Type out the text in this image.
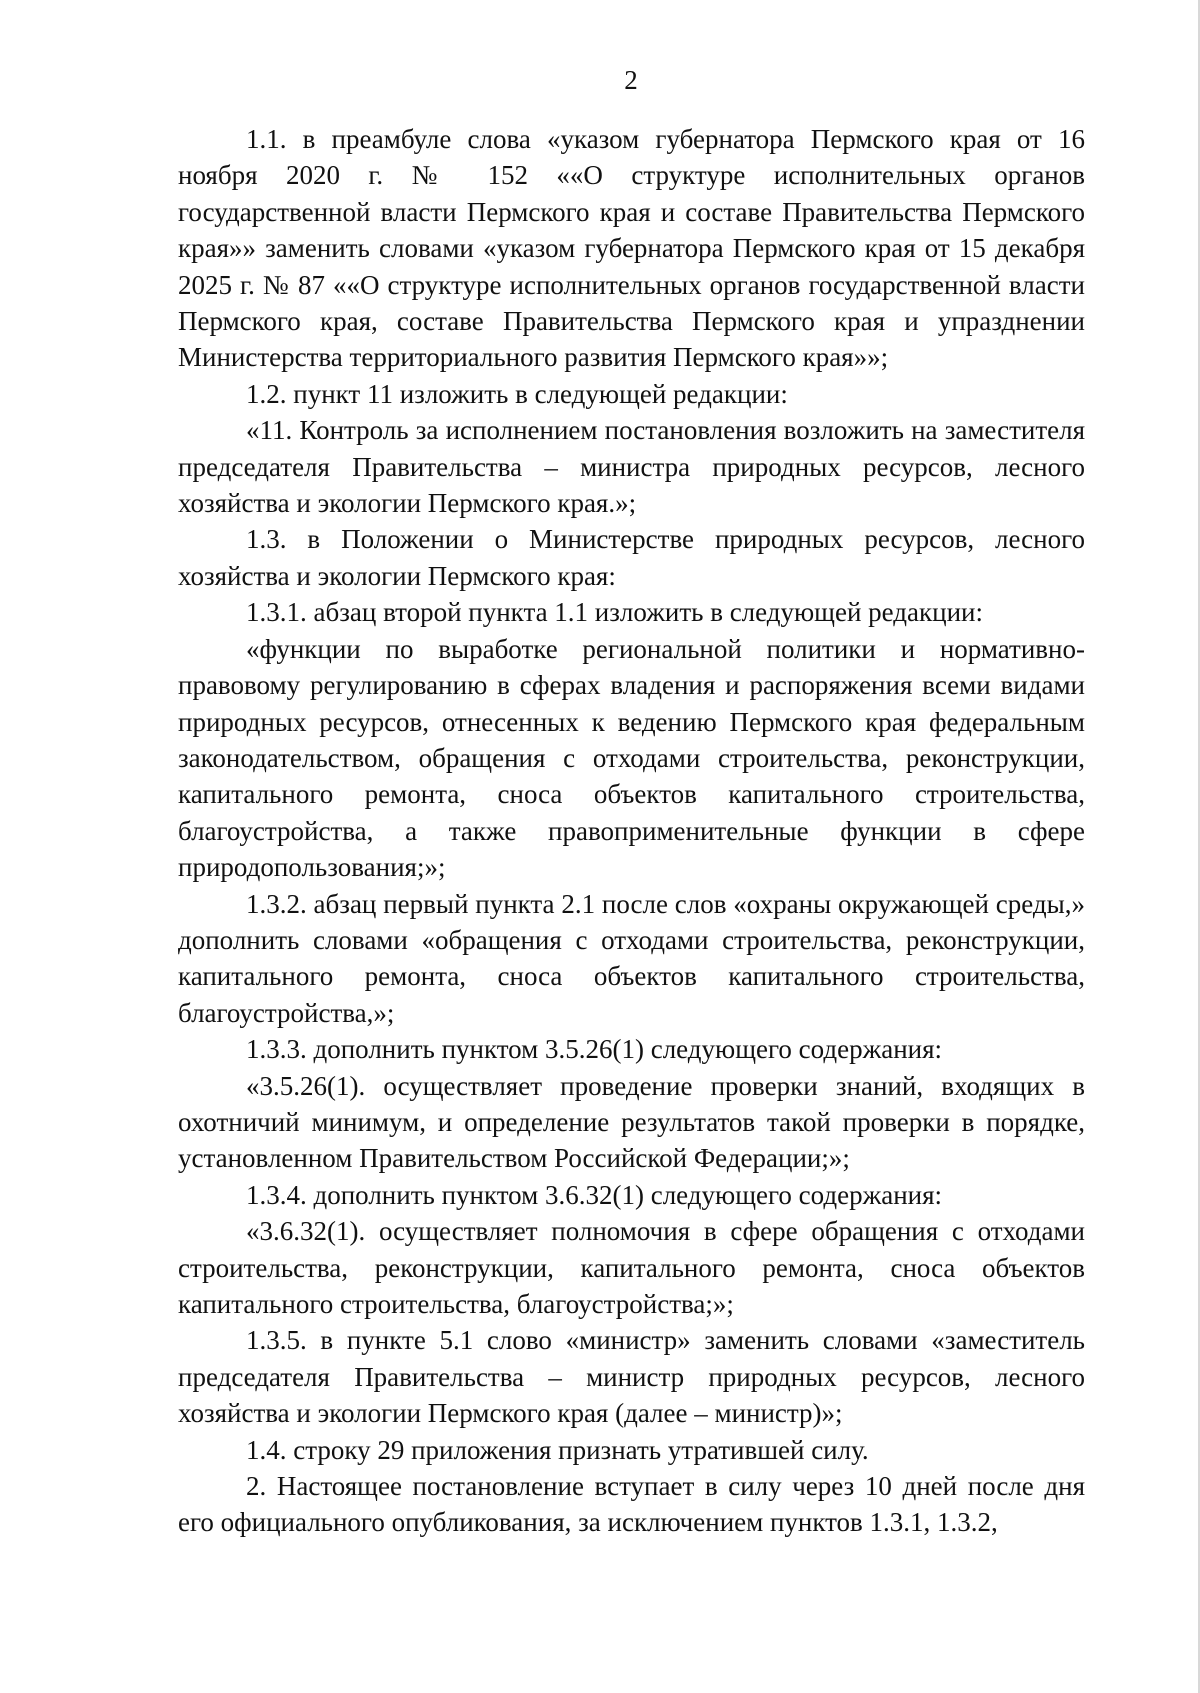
2

1.1. в преамбуле слова «указом губернатора Пермского края от 16 ноября 2020 г. № 152 ««О структуре исполнительных органов государственной власти Пермского края и составе Правительства Пермского края»» заменить словами «указом губернатора Пермского края от 15 декабря 2025 г. № 87 ««О структуре исполнительных органов государственной власти Пермского края, составе Правительства Пермского края и упразднении Министерства территориального развития Пермского края»»;

1.2. пункт 11 изложить в следующей редакции:

«11. Контроль за исполнением постановления возложить на заместителя председателя Правительства – министра природных ресурсов, лесного хозяйства и экологии Пермского края.»;

1.3. в Положении о Министерстве природных ресурсов, лесного хозяйства и экологии Пермского края:

1.3.1. абзац второй пункта 1.1 изложить в следующей редакции:

«функции по выработке региональной политики и нормативно-правовому регулированию в сферах владения и распоряжения всеми видами природных ресурсов, отнесенных к ведению Пермского края федеральным законодательством, обращения с отходами строительства, реконструкции, капитального ремонта, сноса объектов капитального строительства, благоустройства, а также правоприменительные функции в сфере природопользования;»;

1.3.2. абзац первый пункта 2.1 после слов «охраны окружающей среды,» дополнить словами «обращения с отходами строительства, реконструкции, капитального ремонта, сноса объектов капитального строительства, благоустройства,»;

1.3.3. дополнить пунктом 3.5.26(1) следующего содержания:

«3.5.26(1). осуществляет проведение проверки знаний, входящих в охотничий минимум, и определение результатов такой проверки в порядке, установленном Правительством Российской Федерации;»;

1.3.4. дополнить пунктом 3.6.32(1) следующего содержания:

«3.6.32(1). осуществляет полномочия в сфере обращения с отходами строительства, реконструкции, капитального ремонта, сноса объектов капитального строительства, благоустройства;»;

1.3.5. в пункте 5.1 слово «министр» заменить словами «заместитель председателя Правительства – министр природных ресурсов, лесного хозяйства и экологии Пермского края (далее – министр)»;

1.4. строку 29 приложения признать утратившей силу.

2. Настоящее постановление вступает в силу через 10 дней после дня его официального опубликования, за исключением пунктов 1.3.1, 1.3.2,
